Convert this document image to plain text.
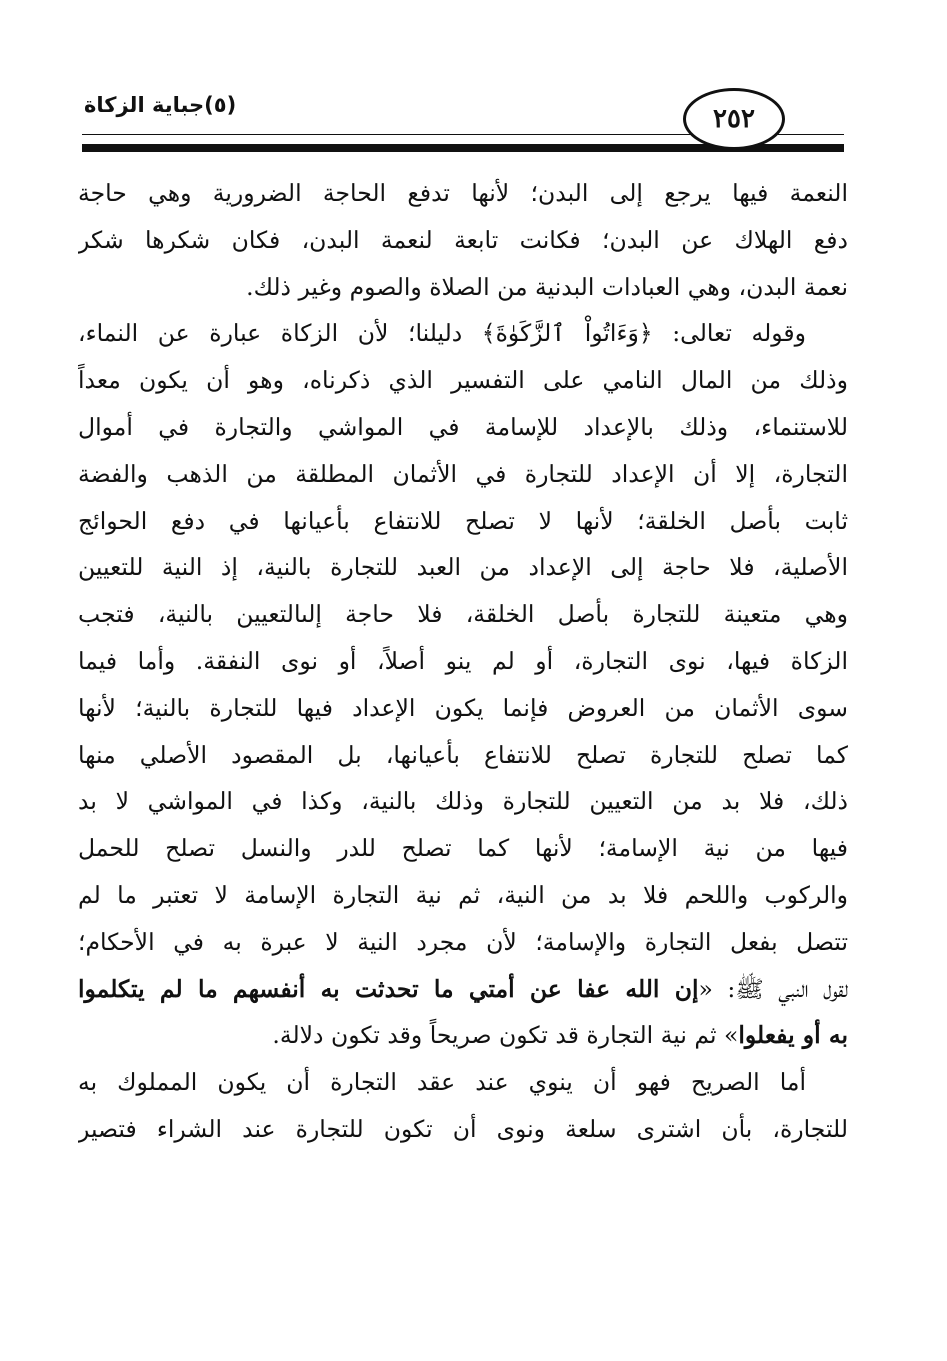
(٥)جباية الزكاة	٢٥٢
النعمة فيها يرجع إلى البدن؛ لأنها تدفع الحاجة الضرورية وهي حاجة
دفع الهلاك عن البدن؛ فكانت تابعة لنعمة البدن، فكان شكرها شكر
نعمة البدن، وهي العبادات البدنية من الصلاة والصوم وغير ذلك.
وقوله تعالى: ﴿وَءَاتُواْ ٱلزَّكَوٰةَ﴾ دليلنا؛ لأن الزكاة عبارة عن النماء،
وذلك من المال النامي على التفسير الذي ذكرناه، وهو أن يكون معداً
للاستنماء، وذلك بالإعداد للإسامة في المواشي والتجارة في أموال
التجارة، إلا أن الإعداد للتجارة في الأثمان المطلقة من الذهب والفضة
ثابت بأصل الخلقة؛ لأنها لا تصلح للانتفاع بأعيانها في دفع الحوائج
الأصلية، فلا حاجة إلى الإعداد من العبد للتجارة بالنية، إذ النية للتعيين
وهي متعينة للتجارة بأصل الخلقة، فلا حاجة إلىالتعيين بالنية، فتجب
الزكاة فيها، نوى التجارة، أو لم ينو أصلاً، أو نوى النفقة. وأما فيما
سوى الأثمان من العروض فإنما يكون الإعداد فيها للتجارة بالنية؛ لأنها
كما تصلح للتجارة تصلح للانتفاع بأعيانها، بل المقصود الأصلي منها
ذلك، فلا بد من التعيين للتجارة وذلك بالنية، وكذا في المواشي لا بد
فيها من نية الإسامة؛ لأنها كما تصلح للدر والنسل تصلح للحمل
والركوب واللحم فلا بد من النية، ثم نية التجارة الإسامة لا تعتبر ما لم
تتصل بفعل التجارة والإسامة؛ لأن مجرد النية لا عبرة به في الأحكام؛
لقول النبي ﷺ: «إن الله عفا عن أمتي ما تحدثت به أنفسهم ما لم يتكلموا
به أو يفعلوا» ثم نية التجارة قد تكون صريحاً وقد تكون دلالة.
أما الصريح فهو أن ينوي عند عقد التجارة أن يكون المملوك به
للتجارة، بأن اشترى سلعة ونوى أن تكون للتجارة عند الشراء فتصير
